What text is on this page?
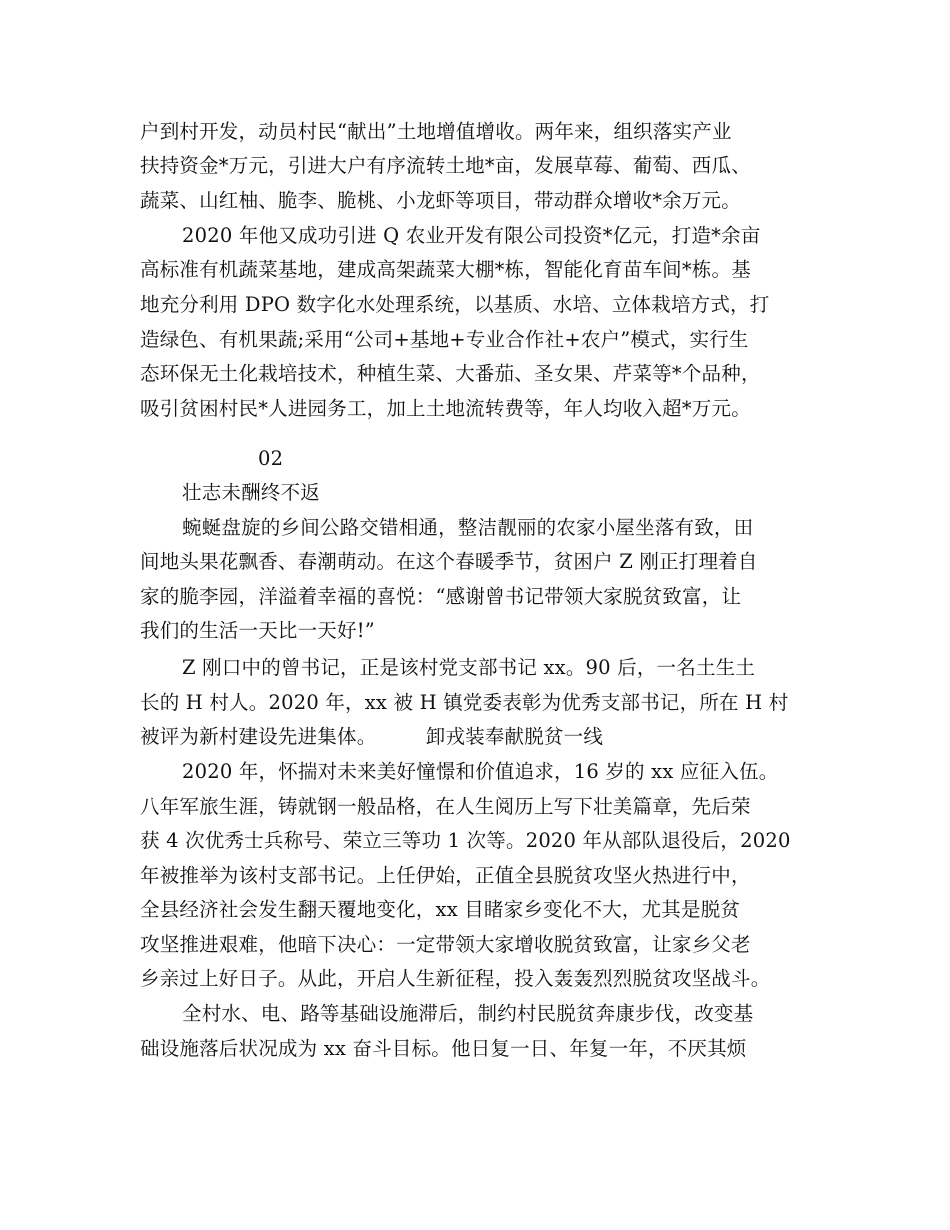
户到村开发，动员村民“献出”土地增值增收。两年来，组织落实产业
扶持资金*万元，引进大户有序流转土地*亩，发展草莓、葡萄、西瓜、
蔬菜、山红柚、脆李、脆桃、小龙虾等项目，带动群众增收*余万元。
2020 年他又成功引进 Q 农业开发有限公司投资*亿元，打造*余亩
高标准有机蔬菜基地，建成高架蔬菜大棚*栋，智能化育苗车间*栋。基
地充分利用 DPO 数字化水处理系统，以基质、水培、立体栽培方式，打
造绿色、有机果蔬;采用“公司+基地+专业合作社+农户”模式，实行生
态环保无土化栽培技术，种植生菜、大番茄、圣女果、芹菜等*个品种，
吸引贫困村民*人进园务工，加上土地流转费等，年人均收入超*万元。
02
壮志未酬终不返
蜿蜒盘旋的乡间公路交错相通，整洁靓丽的农家小屋坐落有致，田
间地头果花飘香、春潮萌动。在这个春暖季节，贫困户 Z 刚正打理着自
家的脆李园，洋溢着幸福的喜悦：“感谢曾书记带领大家脱贫致富，让
我们的生活一天比一天好!”
Z 刚口中的曾书记，正是该村党支部书记 xx。90 后，一名土生土
长的 H 村人。2020 年，xx 被 H 镇党委表彰为优秀支部书记，所在 H 村
被评为新村建设先进集体。　　　卸戎装奉献脱贫一线
2020 年，怀揣对未来美好憧憬和价值追求，16 岁的 xx 应征入伍。
八年军旅生涯，铸就钢一般品格，在人生阅历上写下壮美篇章，先后荣
获 4 次优秀士兵称号、荣立三等功 1 次等。2020 年从部队退役后，2020
年被推举为该村支部书记。上任伊始，正值全县脱贫攻坚火热进行中，
全县经济社会发生翻天覆地变化，xx 目睹家乡变化不大，尤其是脱贫
攻坚推进艰难，他暗下决心：一定带领大家增收脱贫致富，让家乡父老
乡亲过上好日子。从此，开启人生新征程，投入轰轰烈烈脱贫攻坚战斗。
全村水、电、路等基础设施滞后，制约村民脱贫奔康步伐，改变基
础设施落后状况成为 xx 奋斗目标。他日复一日、年复一年，不厌其烦
